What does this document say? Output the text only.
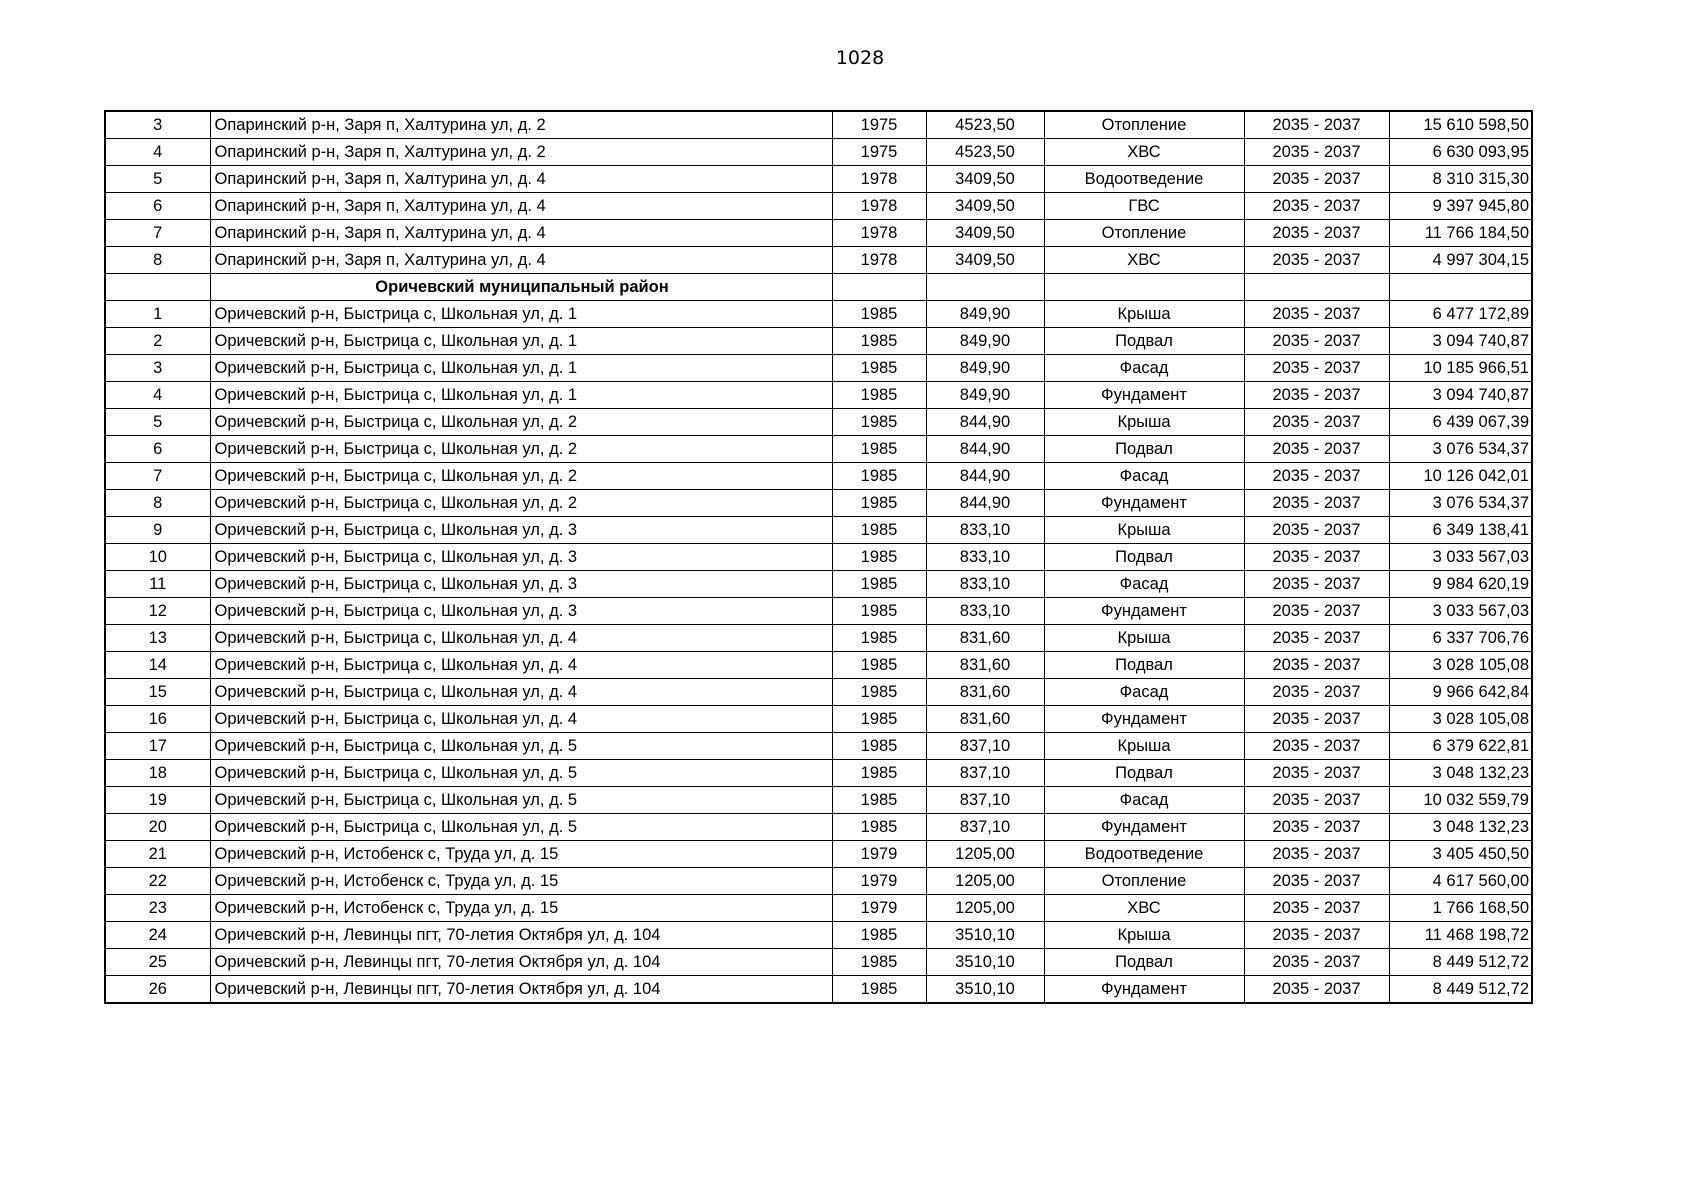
1028
3	Опаринский р-н, Заря п, Халтурина ул, д. 2	1975	4523,50	Отопление	2035 - 2037	15 610 598,50
4	Опаринский р-н, Заря п, Халтурина ул, д. 2	1975	4523,50	ХВС	2035 - 2037	6 630 093,95
5	Опаринский р-н, Заря п, Халтурина ул, д. 4	1978	3409,50	Водоотведение	2035 - 2037	8 310 315,30
6	Опаринский р-н, Заря п, Халтурина ул, д. 4	1978	3409,50	ГВС	2035 - 2037	9 397 945,80
7	Опаринский р-н, Заря п, Халтурина ул, д. 4	1978	3409,50	Отопление	2035 - 2037	11 766 184,50
8	Опаринский р-н, Заря п, Халтурина ул, д. 4	1978	3409,50	ХВС	2035 - 2037	4 997 304,15
	Оричевский муниципальный район					
1	Оричевский р-н, Быстрица с, Школьная ул, д. 1	1985	849,90	Крыша	2035 - 2037	6 477 172,89
2	Оричевский р-н, Быстрица с, Школьная ул, д. 1	1985	849,90	Подвал	2035 - 2037	3 094 740,87
3	Оричевский р-н, Быстрица с, Школьная ул, д. 1	1985	849,90	Фасад	2035 - 2037	10 185 966,51
4	Оричевский р-н, Быстрица с, Школьная ул, д. 1	1985	849,90	Фундамент	2035 - 2037	3 094 740,87
5	Оричевский р-н, Быстрица с, Школьная ул, д. 2	1985	844,90	Крыша	2035 - 2037	6 439 067,39
6	Оричевский р-н, Быстрица с, Школьная ул, д. 2	1985	844,90	Подвал	2035 - 2037	3 076 534,37
7	Оричевский р-н, Быстрица с, Школьная ул, д. 2	1985	844,90	Фасад	2035 - 2037	10 126 042,01
8	Оричевский р-н, Быстрица с, Школьная ул, д. 2	1985	844,90	Фундамент	2035 - 2037	3 076 534,37
9	Оричевский р-н, Быстрица с, Школьная ул, д. 3	1985	833,10	Крыша	2035 - 2037	6 349 138,41
10	Оричевский р-н, Быстрица с, Школьная ул, д. 3	1985	833,10	Подвал	2035 - 2037	3 033 567,03
11	Оричевский р-н, Быстрица с, Школьная ул, д. 3	1985	833,10	Фасад	2035 - 2037	9 984 620,19
12	Оричевский р-н, Быстрица с, Школьная ул, д. 3	1985	833,10	Фундамент	2035 - 2037	3 033 567,03
13	Оричевский р-н, Быстрица с, Школьная ул, д. 4	1985	831,60	Крыша	2035 - 2037	6 337 706,76
14	Оричевский р-н, Быстрица с, Школьная ул, д. 4	1985	831,60	Подвал	2035 - 2037	3 028 105,08
15	Оричевский р-н, Быстрица с, Школьная ул, д. 4	1985	831,60	Фасад	2035 - 2037	9 966 642,84
16	Оричевский р-н, Быстрица с, Школьная ул, д. 4	1985	831,60	Фундамент	2035 - 2037	3 028 105,08
17	Оричевский р-н, Быстрица с, Школьная ул, д. 5	1985	837,10	Крыша	2035 - 2037	6 379 622,81
18	Оричевский р-н, Быстрица с, Школьная ул, д. 5	1985	837,10	Подвал	2035 - 2037	3 048 132,23
19	Оричевский р-н, Быстрица с, Школьная ул, д. 5	1985	837,10	Фасад	2035 - 2037	10 032 559,79
20	Оричевский р-н, Быстрица с, Школьная ул, д. 5	1985	837,10	Фундамент	2035 - 2037	3 048 132,23
21	Оричевский р-н, Истобенск с, Труда ул, д. 15	1979	1205,00	Водоотведение	2035 - 2037	3 405 450,50
22	Оричевский р-н, Истобенск с, Труда ул, д. 15	1979	1205,00	Отопление	2035 - 2037	4 617 560,00
23	Оричевский р-н, Истобенск с, Труда ул, д. 15	1979	1205,00	ХВС	2035 - 2037	1 766 168,50
24	Оричевский р-н, Левинцы пгт, 70-летия Октября ул, д. 104	1985	3510,10	Крыша	2035 - 2037	11 468 198,72
25	Оричевский р-н, Левинцы пгт, 70-летия Октября ул, д. 104	1985	3510,10	Подвал	2035 - 2037	8 449 512,72
26	Оричевский р-н, Левинцы пгт, 70-летия Октября ул, д. 104	1985	3510,10	Фундамент	2035 - 2037	8 449 512,72
